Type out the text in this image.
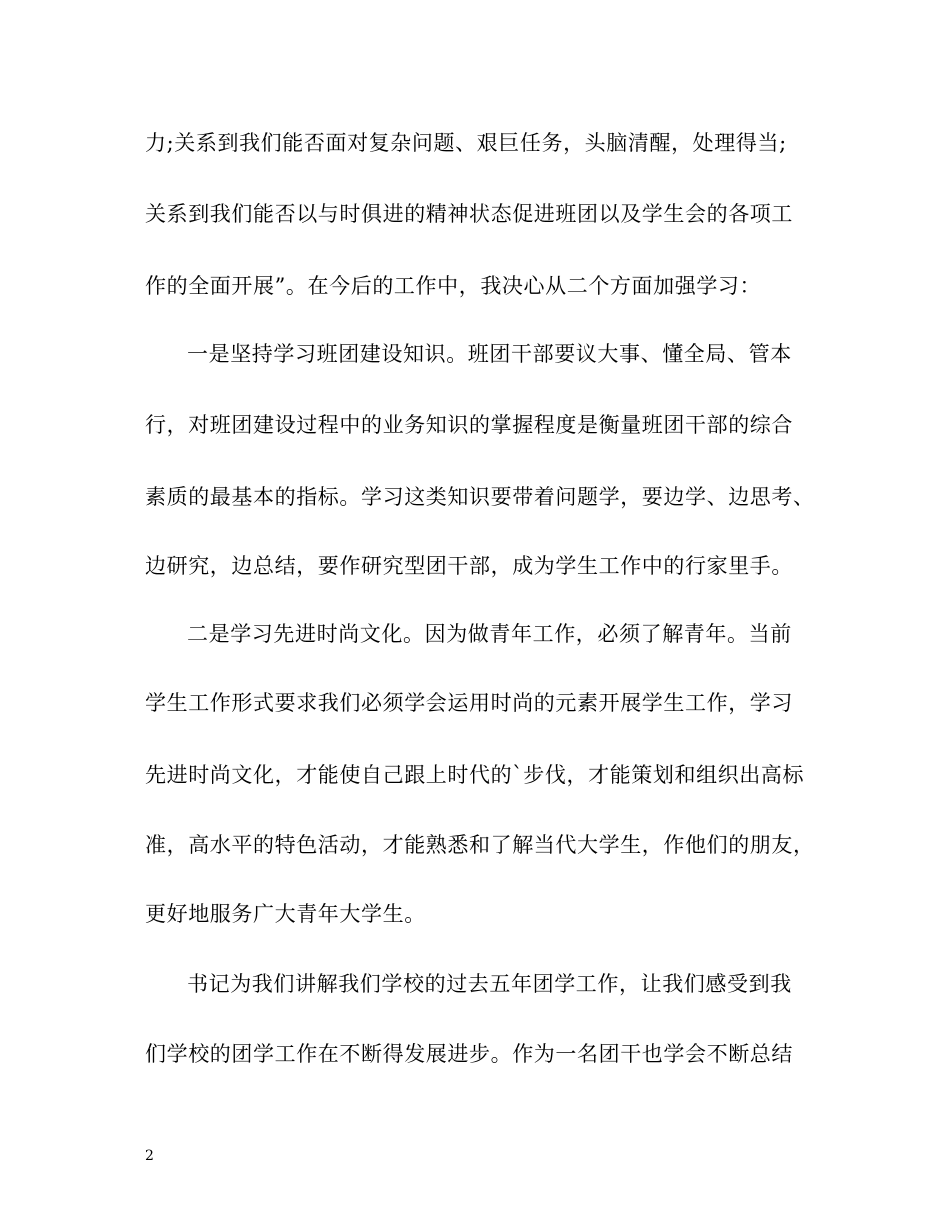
力;关系到我们能否面对复杂问题、艰巨任务，头脑清醒，处理得当;
关系到我们能否以与时俱进的精神状态促进班团以及学生会的各项工
作的全面开展”。在今后的工作中，我决心从二个方面加强学习：
一是坚持学习班团建设知识。班团干部要议大事、懂全局、管本
行，对班团建设过程中的业务知识的掌握程度是衡量班团干部的综合
素质的最基本的指标。学习这类知识要带着问题学，要边学、边思考、
边研究，边总结，要作研究型团干部，成为学生工作中的行家里手。
二是学习先进时尚文化。因为做青年工作，必须了解青年。当前
学生工作形式要求我们必须学会运用时尚的元素开展学生工作，学习
先进时尚文化，才能使自己跟上时代的`步伐，才能策划和组织出高标
准，高水平的特色活动，才能熟悉和了解当代大学生，作他们的朋友，
更好地服务广大青年大学生。
书记为我们讲解我们学校的过去五年团学工作，让我们感受到我
们学校的团学工作在不断得发展进步。作为一名团干也学会不断总结
2
